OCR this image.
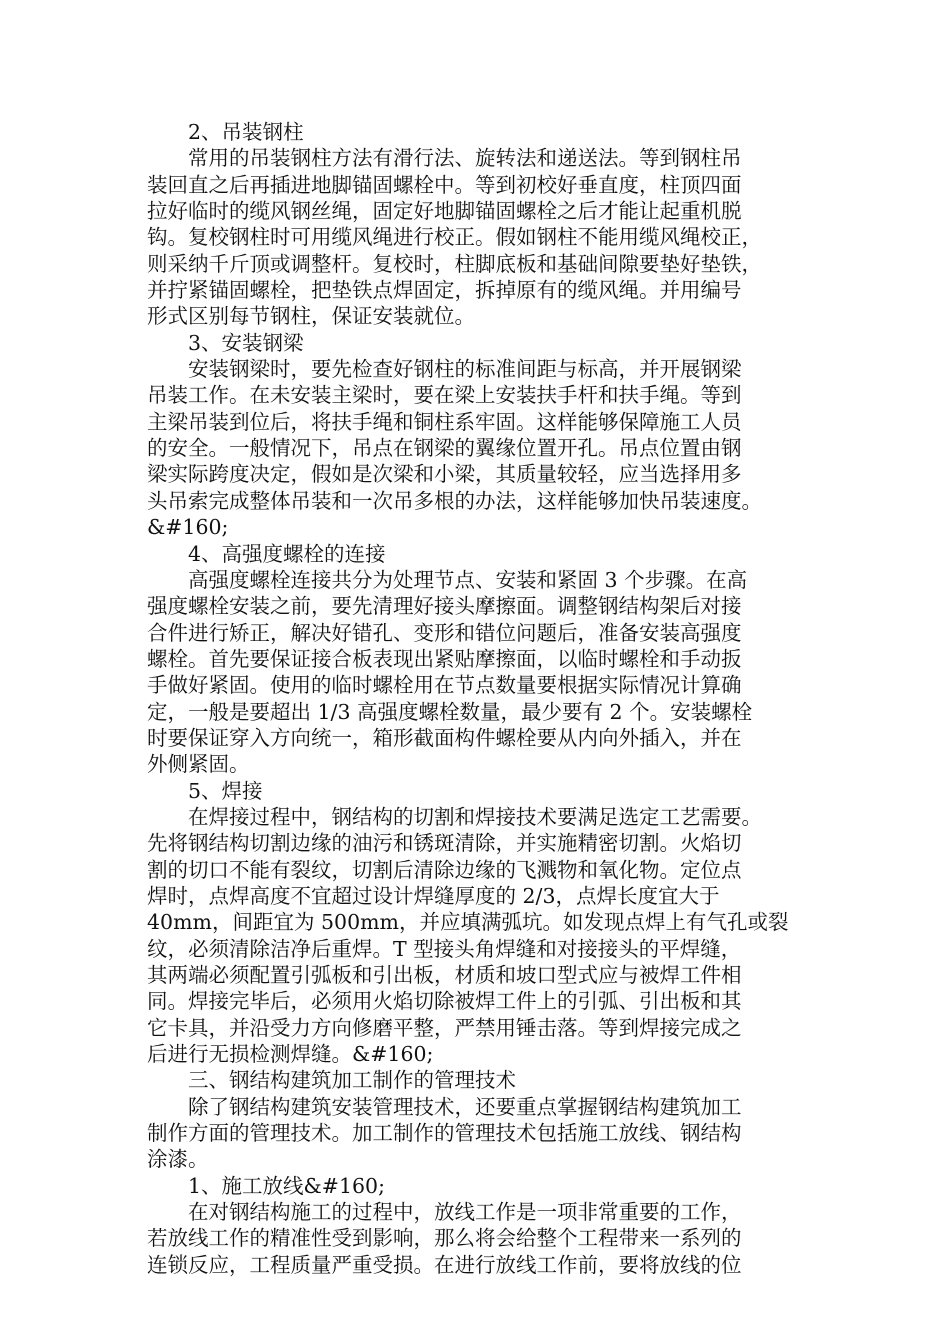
2、吊装钢柱
常用的吊装钢柱方法有滑行法、旋转法和递送法。等到钢柱吊
装回直之后再插进地脚锚固螺栓中。等到初校好垂直度，柱顶四面
拉好临时的缆风钢丝绳，固定好地脚锚固螺栓之后才能让起重机脱
钩。复校钢柱时可用缆风绳进行校正。假如钢柱不能用缆风绳校正，
则采纳千斤顶或调整杆。复校时，柱脚底板和基础间隙要垫好垫铁，
并拧紧锚固螺栓，把垫铁点焊固定，拆掉原有的缆风绳。并用编号
形式区别每节钢柱，保证安装就位。
3、安装钢梁
安装钢梁时，要先检查好钢柱的标准间距与标高，并开展钢梁
吊装工作。在未安装主梁时，要在梁上安装扶手杆和扶手绳。等到
主梁吊装到位后，将扶手绳和铜柱系牢固。这样能够保障施工人员
的安全。一般情况下，吊点在钢梁的翼缘位置开孔。吊点位置由钢
梁实际跨度决定，假如是次梁和小梁，其质量较轻，应当选择用多
头吊索完成整体吊装和一次吊多根的办法，这样能够加快吊装速度。
&#160;
4、高强度螺栓的连接
高强度螺栓连接共分为处理节点、安装和紧固 3 个步骤。在高
强度螺栓安装之前，要先清理好接头摩擦面。调整钢结构架后对接
合件进行矫正，解决好错孔、变形和错位问题后，准备安装高强度
螺栓。首先要保证接合板表现出紧贴摩擦面，以临时螺栓和手动扳
手做好紧固。使用的临时螺栓用在节点数量要根据实际情况计算确
定，一般是要超出 1/3 高强度螺栓数量，最少要有 2 个。安装螺栓
时要保证穿入方向统一，箱形截面构件螺栓要从内向外插入，并在
外侧紧固。
5、焊接
在焊接过程中，钢结构的切割和焊接技术要满足选定工艺需要。
先将钢结构切割边缘的油污和锈斑清除，并实施精密切割。火焰切
割的切口不能有裂纹，切割后清除边缘的飞溅物和氧化物。定位点
焊时，点焊高度不宜超过设计焊缝厚度的 2/3，点焊长度宜大于
40mm，间距宜为 500mm，并应填满弧坑。如发现点焊上有气孔或裂
纹，必须清除洁净后重焊。T 型接头角焊缝和对接接头的平焊缝，
其两端必须配置引弧板和引出板，材质和坡口型式应与被焊工件相
同。焊接完毕后，必须用火焰切除被焊工件上的引弧、引出板和其
它卡具，并沿受力方向修磨平整，严禁用锤击落。等到焊接完成之
后进行无损检测焊缝。&#160;
三、钢结构建筑加工制作的管理技术
除了钢结构建筑安装管理技术，还要重点掌握钢结构建筑加工
制作方面的管理技术。加工制作的管理技术包括施工放线、钢结构
涂漆。
1、施工放线&#160;
在对钢结构施工的过程中，放线工作是一项非常重要的工作，
若放线工作的精准性受到影响，那么将会给整个工程带来一系列的
连锁反应，工程质量严重受损。在进行放线工作前，要将放线的位
